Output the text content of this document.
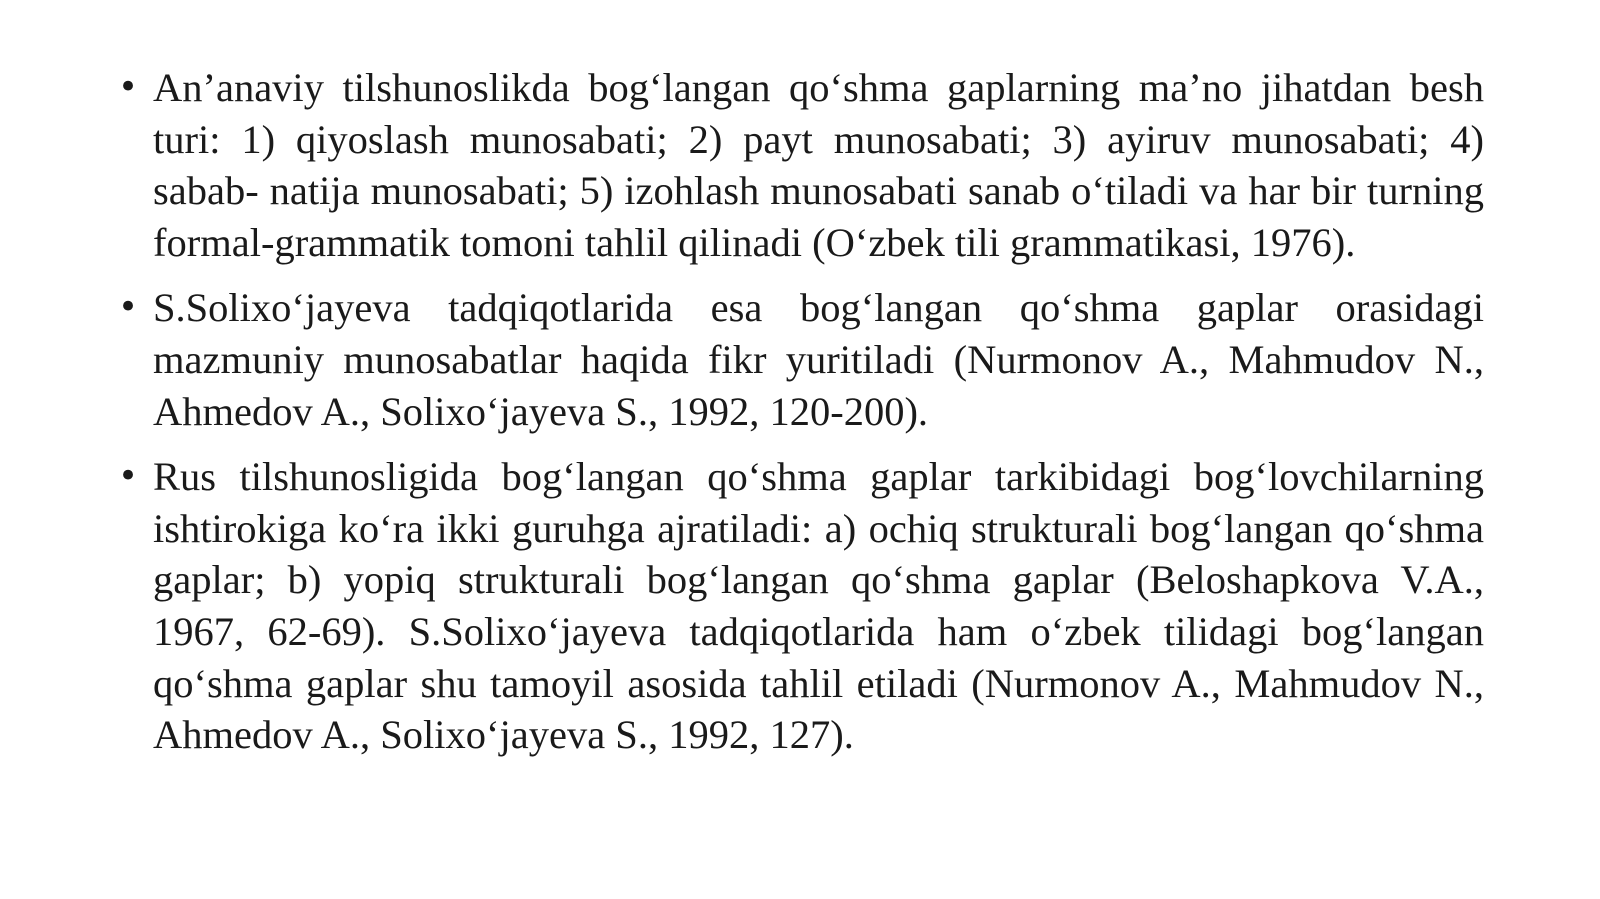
• An’anaviy tilshunoslikda bog‘langan qo‘shma gaplarning ma’no jihatdan besh turi: 1) qiyoslash munosabati; 2) payt munosabati; 3) ayiruv munosabati; 4) sabab- natija munosabati; 5) izohlash munosabati sanab o‘tiladi va har bir turning formal-grammatik tomoni tahlil qilinadi (O‘zbek tili grammatikasi, 1976).
• S.Solixo‘jayeva tadqiqotlarida esa bog‘langan qo‘shma gaplar orasidagi mazmuniy munosabatlar haqida fikr yuritiladi (Nurmonov A., Mahmudov N., Ahmedov A., Solixo‘jayeva S., 1992, 120-200).
• Rus tilshunosligida bog‘langan qo‘shma gaplar tarkibidagi bog‘lovchilarning ishtirokiga ko‘ra ikki guruhga ajratiladi: a) ochiq strukturali bog‘langan qo‘shma gaplar; b) yopiq strukturali bog‘langan qo‘shma gaplar (Beloshapkova V.A., 1967, 62-69). S.Solixo‘jayeva tadqiqotlarida ham o‘zbek tilidagi bog‘langan qo‘shma gaplar shu tamoyil asosida tahlil etiladi (Nurmonov A., Mahmudov N., Ahmedov A., Solixo‘jayeva S., 1992, 127).
